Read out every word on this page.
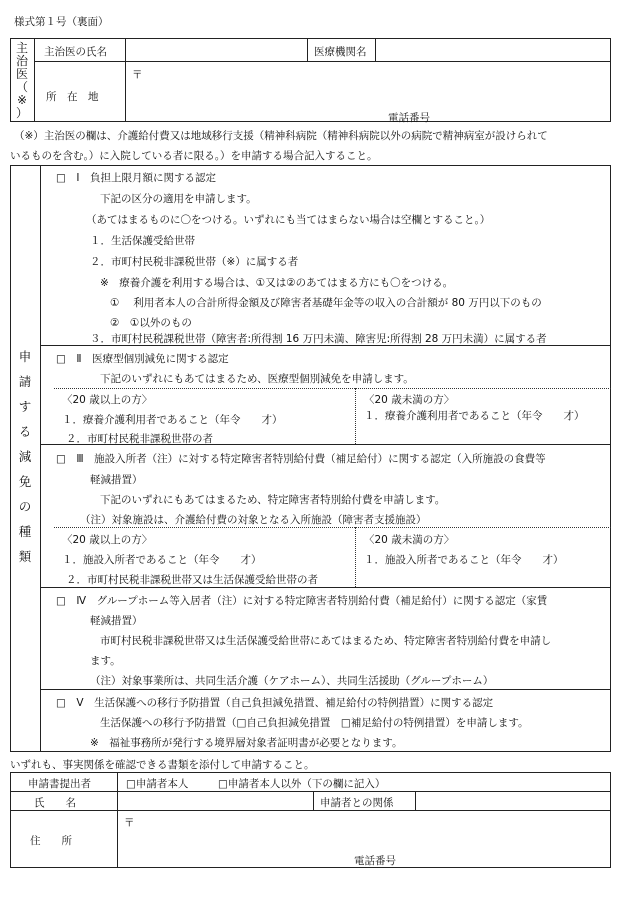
様式第１号（裏面）
主
治
医
（
※
）
主治医の氏名	医療機関名
所　在　地
〒
電話番号
（※）主治医の欄は、介護給付費又は地域移行支援（精神科病院（精神科病院以外の病院で精神病室が設けられて
いるものを含む。）に入院している者に限る。）を申請する場合記入すること。
申
請
す
る
減
免
の
種
類
□　Ⅰ　負担上限月額に関する認定
下記の区分の適用を申請します。
（あてはまるものに〇をつける。いずれにも当てはまらない場合は空欄とすること。）
１．生活保護受給世帯
２．市町村民税非課税世帯（※）に属する者
※　療養介護を利用する場合は、①又は②のあてはまる方にも〇をつける。
①　 利用者本人の合計所得金額及び障害者基礎年金等の収入の合計額が 80 万円以下のもの
②　①以外のもの
３．市町村民税課税世帯（障害者:所得割 16 万円未満、障害児:所得割 28 万円未満）に属する者
□　Ⅱ　医療型個別減免に関する認定
下記のいずれにもあてはまるため、医療型個別減免を申請します。
〈20 歳以上の方〉
１．療養介護利用者であること（年令　　才）
２．市町村民税非課税世帯の者
〈20 歳未満の方〉
１．療養介護利用者であること（年令　　才）
□　Ⅲ　施設入所者（注）に対する特定障害者特別給付費（補足給付）に関する認定（入所施設の食費等
軽減措置）
下記のいずれにもあてはまるため、特定障害者特別給付費を申請します。
（注）対象施設は、介護給付費の対象となる入所施設（障害者支援施設）
〈20 歳以上の方〉
１．施設入所者であること（年令　　才）
２．市町村民税非課税世帯又は生活保護受給世帯の者
〈20 歳未満の方〉
１．施設入所者であること（年令　　才）
□　Ⅳ　グループホーム等入居者（注）に対する特定障害者特別給付費（補足給付）に関する認定（家賃
軽減措置）
市町村民税非課税世帯又は生活保護受給世帯にあてはまるため、特定障害者特別給付費を申請し
ます。
（注）対象事業所は、共同生活介護（ケアホーム）、共同生活援助（グループホーム）
□　Ⅴ　生活保護への移行予防措置（自己負担減免措置、補足給付の特例措置）に関する認定
生活保護への移行予防措置（□自己負担減免措置　□補足給付の特例措置）を申請します。
※　福祉事務所が発行する境界層対象者証明書が必要となります。
いずれも、事実関係を確認できる書類を添付して申請すること。
申請書提出者	□申請者本人	□申請者本人以外（下の欄に記入）
氏　　名	申請者との関係
住　　所
〒
電話番号
